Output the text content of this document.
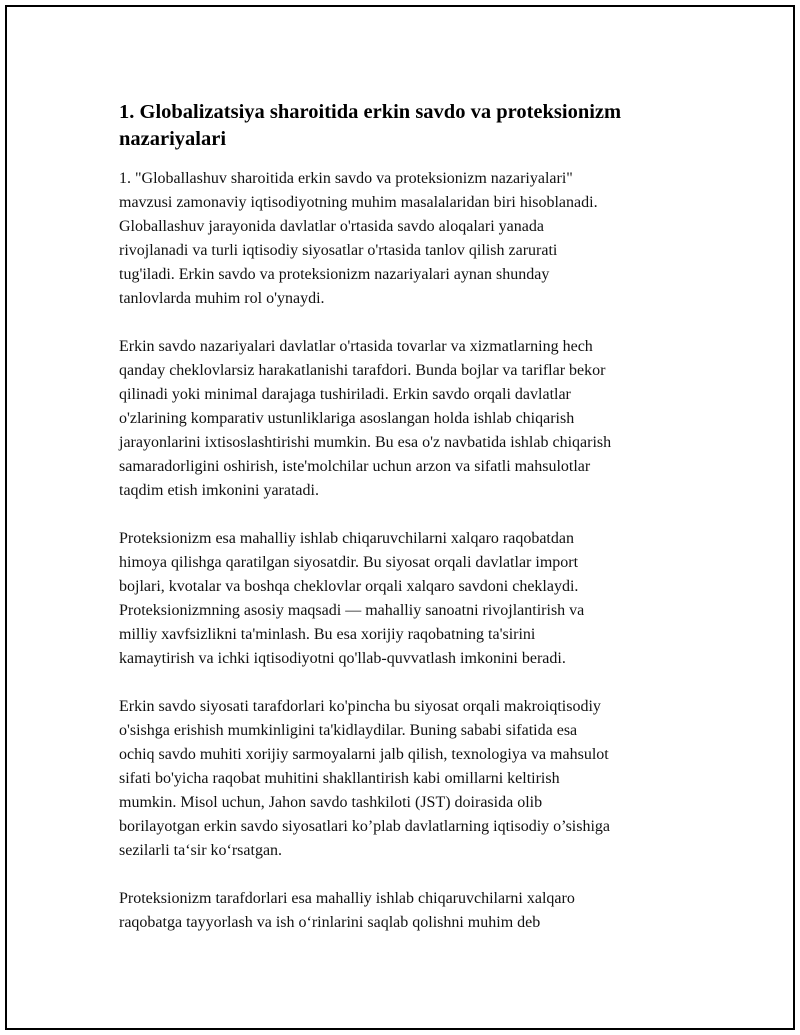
1. Globalizatsiya sharoitida erkin savdo va proteksionizm
nazariyalari

1. "Globallashuv sharoitida erkin savdo va proteksionizm nazariyalari"
mavzusi zamonaviy iqtisodiyotning muhim masalalaridan biri hisoblanadi.
Globallashuv jarayonida davlatlar o'rtasida savdo aloqalari yanada
rivojlanadi va turli iqtisodiy siyosatlar o'rtasida tanlov qilish zarurati
tug'iladi. Erkin savdo va proteksionizm nazariyalari aynan shunday
tanlovlarda muhim rol o'ynaydi.

Erkin savdo nazariyalari davlatlar o'rtasida tovarlar va xizmatlarning hech
qanday cheklovlarsiz harakatlanishi tarafdori. Bunda bojlar va tariflar bekor
qilinadi yoki minimal darajaga tushiriladi. Erkin savdo orqali davlatlar
o'zlarining komparativ ustunliklariga asoslangan holda ishlab chiqarish
jarayonlarini ixtisoslashtirishi mumkin. Bu esa o'z navbatida ishlab chiqarish
samaradorligini oshirish, iste'molchilar uchun arzon va sifatli mahsulotlar
taqdim etish imkonini yaratadi.

Proteksionizm esa mahalliy ishlab chiqaruvchilarni xalqaro raqobatdan
himoya qilishga qaratilgan siyosatdir. Bu siyosat orqali davlatlar import
bojlari, kvotalar va boshqa cheklovlar orqali xalqaro savdoni cheklaydi.
Proteksionizmning asosiy maqsadi — mahalliy sanoatni rivojlantirish va
milliy xavfsizlikni ta'minlash. Bu esa xorijiy raqobatning ta'sirini
kamaytirish va ichki iqtisodiyotni qo'llab-quvvatlash imkonini beradi.

Erkin savdo siyosati tarafdorlari ko'pincha bu siyosat orqali makroiqtisodiy
o'sishga erishish mumkinligini ta'kidlaydilar. Buning sababi sifatida esa
ochiq savdo muhiti xorijiy sarmoyalarni jalb qilish, texnologiya va mahsulot
sifati bo'yicha raqobat muhitini shakllantirish kabi omillarni keltirish
mumkin. Misol uchun, Jahon savdo tashkiloti (JST) doirasida olib
borilayotgan erkin savdo siyosatlari ko’plab davlatlarning iqtisodiy o’sishiga
sezilarli ta‘sir ko‘rsatgan.

Proteksionizm tarafdorlari esa mahalliy ishlab chiqaruvchilarni xalqaro
raqobatga tayyorlash va ish o‘rinlarini saqlab qolishni muhim deb
